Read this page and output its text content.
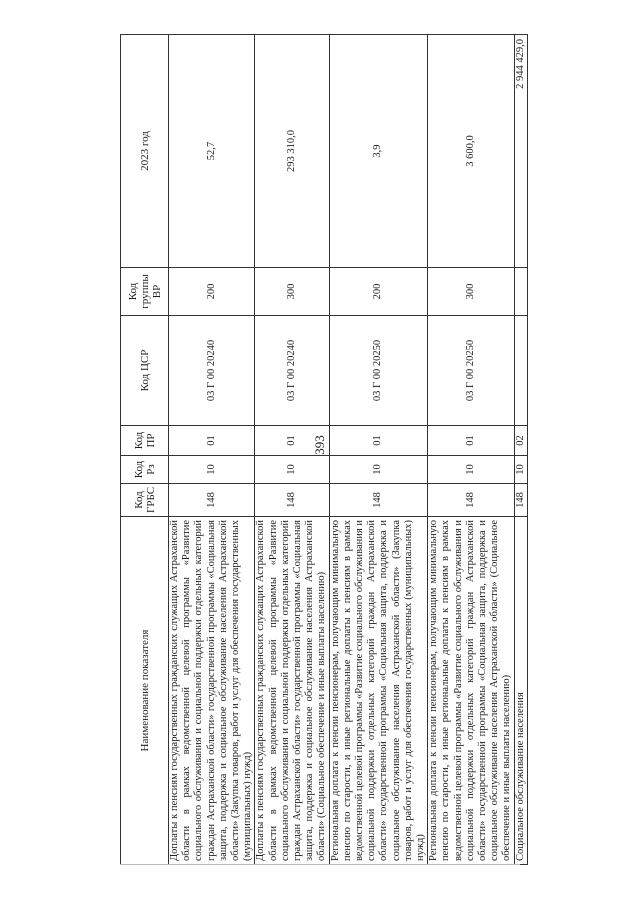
393
Наименование показателя	Код ГРБС	Код Рз	Код ПР	Код ЦСР	Код группы ВР	2023 год
Доплаты к пенсиям государственных гражданских служащих Астраханской области в рамках ведомственной целевой программы «Развитие социального обслуживания и социальной поддержки отдельных категорий граждан Астраханской области» государственной программы «Социальная защита, поддержка и социальное обслуживание населения Астраханской области» (Закупка товаров, работ и услуг для обеспечения государственных (муниципальных) нужд)	148	10	01	03 Г 00 20240	200	52,7
Доплаты к пенсиям государственных гражданских служащих Астраханской области в рамках ведомственной целевой программы «Развитие социального обслуживания и социальной поддержки отдельных категорий граждан Астраханской области» государственной программы «Социальная защита, поддержка и социальное обслуживание населения Астраханской области» (Социальное обеспечение и иные выплаты населению)	148	10	01	03 Г 00 20240	300	293 310,0
Региональная доплата к пенсии пенсионерам, получающим минимальную пенсию по старости, и иные региональные доплаты к пенсиям в рамках ведомственной целевой программы «Развитие социального обслуживания и социальной поддержки отдельных категорий граждан Астраханской области» государственной программы «Социальная защита, поддержка и социальное обслуживание населения Астраханской области» (Закупка товаров, работ и услуг для обеспечения государственных (муниципальных) нужд)	148	10	01	03 Г 00 20250	200	3,9
Региональная доплата к пенсии пенсионерам, получающим минимальную пенсию по старости, и иные региональные доплаты к пенсиям в рамках ведомственной целевой программы «Развитие социального обслуживания и социальной поддержки отдельных категорий граждан Астраханской области» государственной программы «Социальная защита, поддержка и социальное обслуживание населения Астраханской области» (Социальное обеспечение и иные выплаты населению)	148	10	01	03 Г 00 20250	300	3 600,0
Социальное обслуживание населения	148	10	02			2 944 429,0
